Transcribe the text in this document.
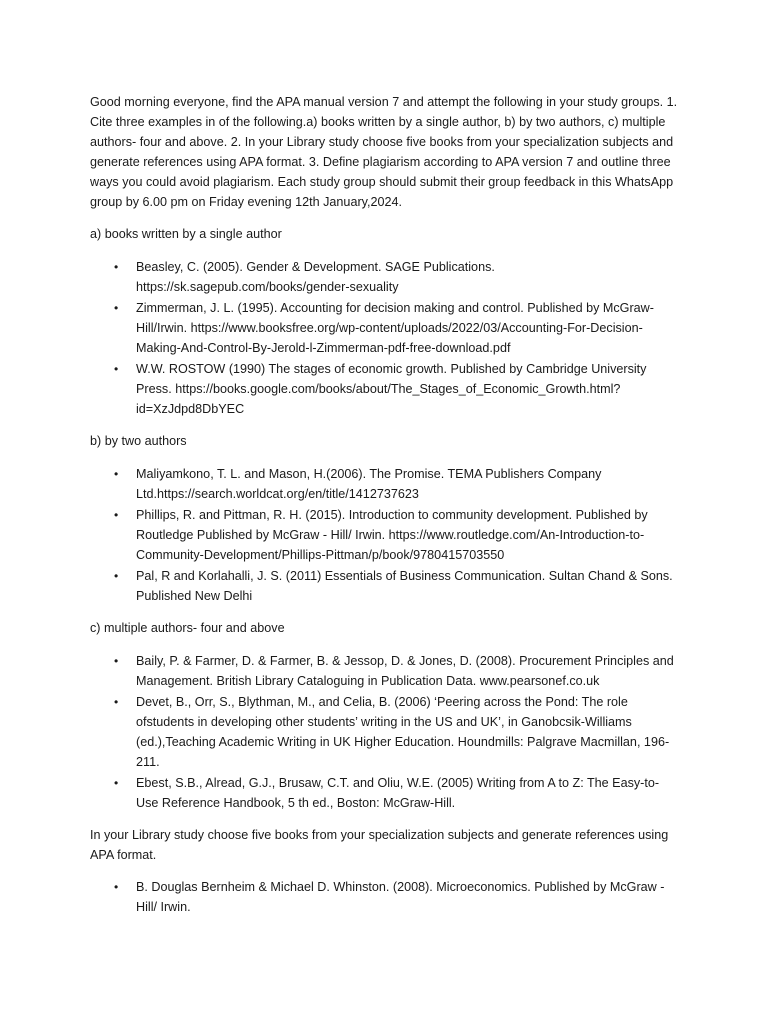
Good morning everyone, find the APA manual version 7 and attempt the following in your study groups. 1. Cite three examples in of the following.a) books written by a single author, b) by two authors, c) multiple authors- four and above. 2. In your Library study choose five books from your specialization subjects and generate references using APA format. 3. Define plagiarism according to APA version 7 and outline three ways you could avoid plagiarism. Each study group should submit their group feedback in this WhatsApp group by 6.00 pm on Friday evening 12th January,2024.

a) books written by a single author

• Beasley, C. (2005). Gender & Development. SAGE Publications. https://sk.sagepub.com/books/gender-sexuality
• Zimmerman, J. L. (1995). Accounting for decision making and control. Published by McGraw-Hill/Irwin. https://www.booksfree.org/wp-content/uploads/2022/03/Accounting-For-Decision-Making-And-Control-By-Jerold-l-Zimmerman-pdf-free-download.pdf
• W.W. ROSTOW (1990) The stages of economic growth. Published by Cambridge University Press. https://books.google.com/books/about/The_Stages_of_Economic_Growth.html?id=XzJdpd8DbYEC

b) by two authors

• Maliyamkono, T. L. and Mason, H.(2006). The Promise. TEMA Publishers Company Ltd.https://search.worldcat.org/en/title/1412737623
• Phillips, R. and Pittman, R. H. (2015). Introduction to community development. Published by Routledge Published by McGraw - Hill/ Irwin. https://www.routledge.com/An-Introduction-to-Community-Development/Phillips-Pittman/p/book/9780415703550
• Pal, R and Korlahalli, J. S. (2011) Essentials of Business Communication. Sultan Chand & Sons. Published New Delhi

c) multiple authors- four and above

• Baily, P. & Farmer, D. & Farmer, B. & Jessop, D. & Jones, D. (2008). Procurement Principles and Management. British Library Cataloguing in Publication Data. www.pearsonef.co.uk
• Devet, B., Orr, S., Blythman, M., and Celia, B. (2006) ‘Peering across the Pond: The role ofstudents in developing other students’ writing in the US and UK’, in Ganobcsik-Williams (ed.),Teaching Academic Writing in UK Higher Education. Houndmills: Palgrave Macmillan, 196-211.
• Ebest, S.B., Alread, G.J., Brusaw, C.T. and Oliu, W.E. (2005) Writing from A to Z: The Easy-to-Use Reference Handbook, 5 th ed., Boston: McGraw-Hill.

In your Library study choose five books from your specialization subjects and generate references using APA format.

• B. Douglas Bernheim & Michael D. Whinston. (2008). Microeconomics. Published by McGraw - Hill/ Irwin.
